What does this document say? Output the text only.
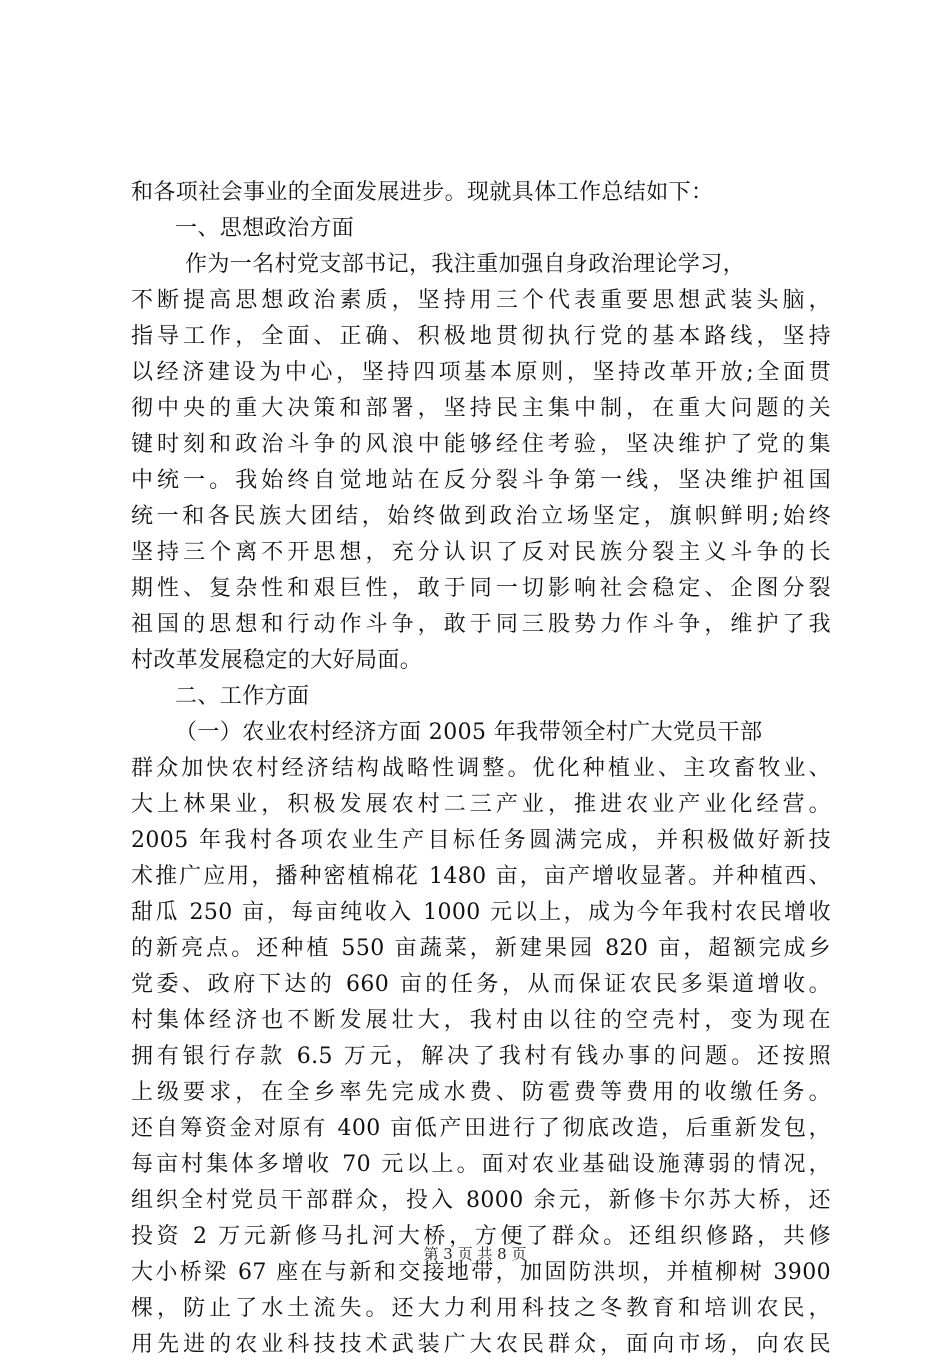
和各项社会事业的全面发展进步。现就具体工作总结如下：
一、思想政治方面
作为一名村党支部书记，我注重加强自身政治理论学习，
不断提高思想政治素质，坚持用三个代表重要思想武装头脑，
指导工作，全面、正确、积极地贯彻执行党的基本路线，坚持
以经济建设为中心，坚持四项基本原则，坚持改革开放;全面贯
彻中央的重大决策和部署，坚持民主集中制，在重大问题的关
键时刻和政治斗争的风浪中能够经住考验，坚决维护了党的集
中统一。我始终自觉地站在反分裂斗争第一线，坚决维护祖国
统一和各民族大团结，始终做到政治立场坚定，旗帜鲜明;始终
坚持三个离不开思想，充分认识了反对民族分裂主义斗争的长
期性、复杂性和艰巨性，敢于同一切影响社会稳定、企图分裂
祖国的思想和行动作斗争，敢于同三股势力作斗争，维护了我
村改革发展稳定的大好局面。
二、工作方面
（一）农业农村经济方面 2005 年我带领全村广大党员干部
群众加快农村经济结构战略性调整。优化种植业、主攻畜牧业、
大上林果业，积极发展农村二三产业，推进农业产业化经营。
2005 年我村各项农业生产目标任务圆满完成，并积极做好新技
术推广应用，播种密植棉花 1480 亩，亩产增收显著。并种植西、
甜瓜 250 亩，每亩纯收入 1000 元以上，成为今年我村农民增收
的新亮点。还种植 550 亩蔬菜，新建果园 820 亩，超额完成乡
党委、政府下达的 660 亩的任务，从而保证农民多渠道增收。
村集体经济也不断发展壮大，我村由以往的空壳村，变为现在
拥有银行存款 6.5 万元，解决了我村有钱办事的问题。还按照
上级要求，在全乡率先完成水费、防雹费等费用的收缴任务。
还自筹资金对原有 400 亩低产田进行了彻底改造，后重新发包，
每亩村集体多增收 70 元以上。面对农业基础设施薄弱的情况，
组织全村党员干部群众，投入 8000 余元，新修卡尔苏大桥，还
投资 2 万元新修马扎河大桥，方便了群众。还组织修路，共修
大小桥梁 67 座在与新和交接地带，加固防洪坝，并植柳树 3900
棵，防止了水土流失。还大力利用科技之冬教育和培训农民，
用先进的农业科技技术武装广大农民群众，面向市场，向农民
第 3 页 共 8 页
